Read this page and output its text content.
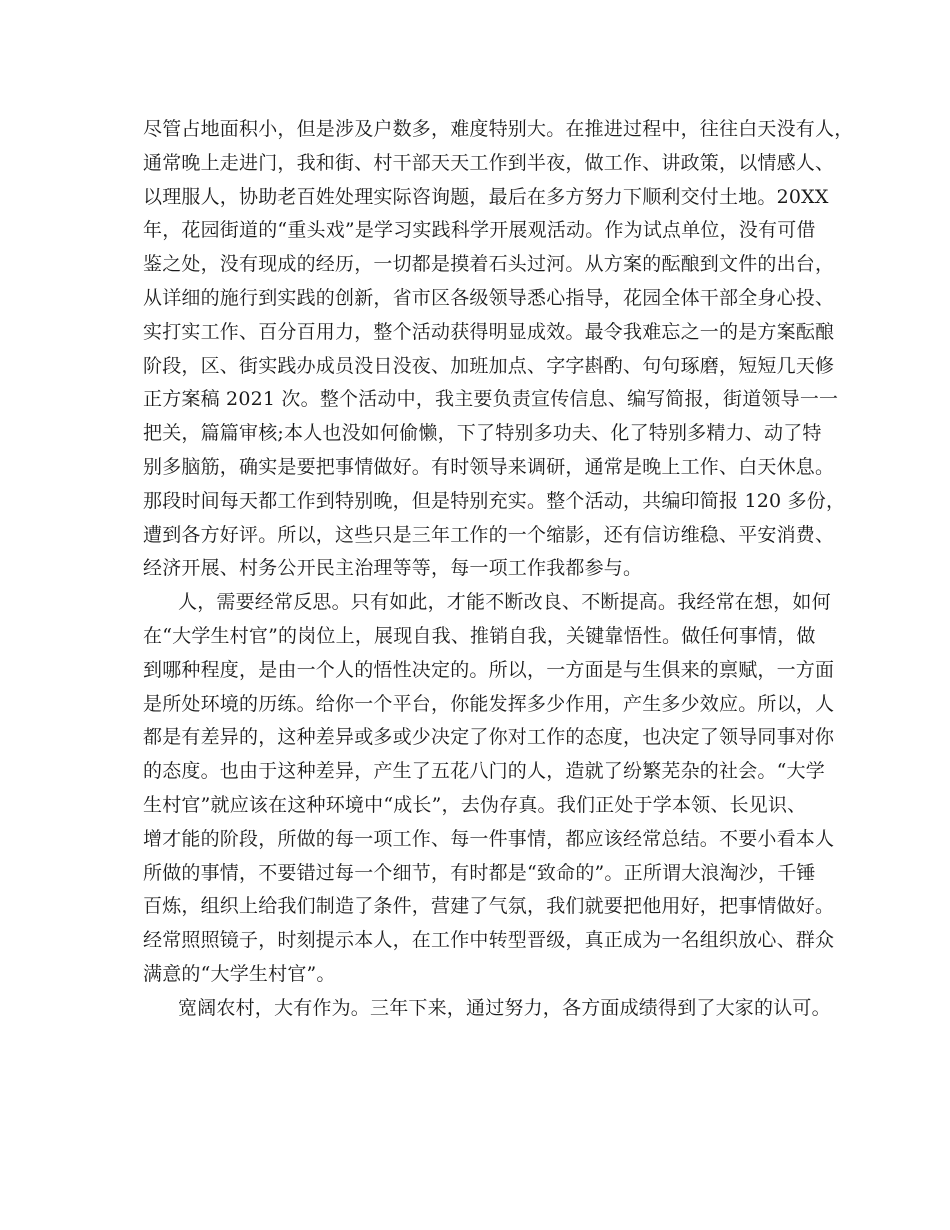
尽管占地面积小，但是涉及户数多，难度特别大。在推进过程中，往往白天没有人，
通常晚上走进门，我和街、村干部天天工作到半夜，做工作、讲政策，以情感人、
以理服人，协助老百姓处理实际咨询题，最后在多方努力下顺利交付土地。20XX
年，花园街道的“重头戏”是学习实践科学开展观活动。作为试点单位，没有可借
鉴之处，没有现成的经历，一切都是摸着石头过河。从方案的酝酿到文件的出台，
从详细的施行到实践的创新，省市区各级领导悉心指导，花园全体干部全身心投、
实打实工作、百分百用力，整个活动获得明显成效。最令我难忘之一的是方案酝酿
阶段，区、街实践办成员没日没夜、加班加点、字字斟酌、句句琢磨，短短几天修
正方案稿 2021 次。整个活动中，我主要负责宣传信息、编写简报，街道领导一一
把关，篇篇审核;本人也没如何偷懒，下了特别多功夫、化了特别多精力、动了特
别多脑筋，确实是要把事情做好。有时领导来调研，通常是晚上工作、白天休息。
那段时间每天都工作到特别晚，但是特别充实。整个活动，共编印简报 120 多份，
遭到各方好评。所以，这些只是三年工作的一个缩影，还有信访维稳、平安消费、
经济开展、村务公开民主治理等等，每一项工作我都参与。
人，需要经常反思。只有如此，才能不断改良、不断提高。我经常在想，如何
在“大学生村官”的岗位上，展现自我、推销自我，关键靠悟性。做任何事情，做
到哪种程度，是由一个人的悟性决定的。所以，一方面是与生俱来的禀赋，一方面
是所处环境的历练。给你一个平台，你能发挥多少作用，产生多少效应。所以，人
都是有差异的，这种差异或多或少决定了你对工作的态度，也决定了领导同事对你
的态度。也由于这种差异，产生了五花八门的人，造就了纷繁芜杂的社会。“大学
生村官”就应该在这种环境中“成长”，去伪存真。我们正处于学本领、长见识、
增才能的阶段，所做的每一项工作、每一件事情，都应该经常总结。不要小看本人
所做的事情，不要错过每一个细节，有时都是“致命的”。正所谓大浪淘沙，千锤
百炼，组织上给我们制造了条件，营建了气氛，我们就要把他用好，把事情做好。
经常照照镜子，时刻提示本人，在工作中转型晋级，真正成为一名组织放心、群众
满意的“大学生村官”。
宽阔农村，大有作为。三年下来，通过努力，各方面成绩得到了大家的认可。
